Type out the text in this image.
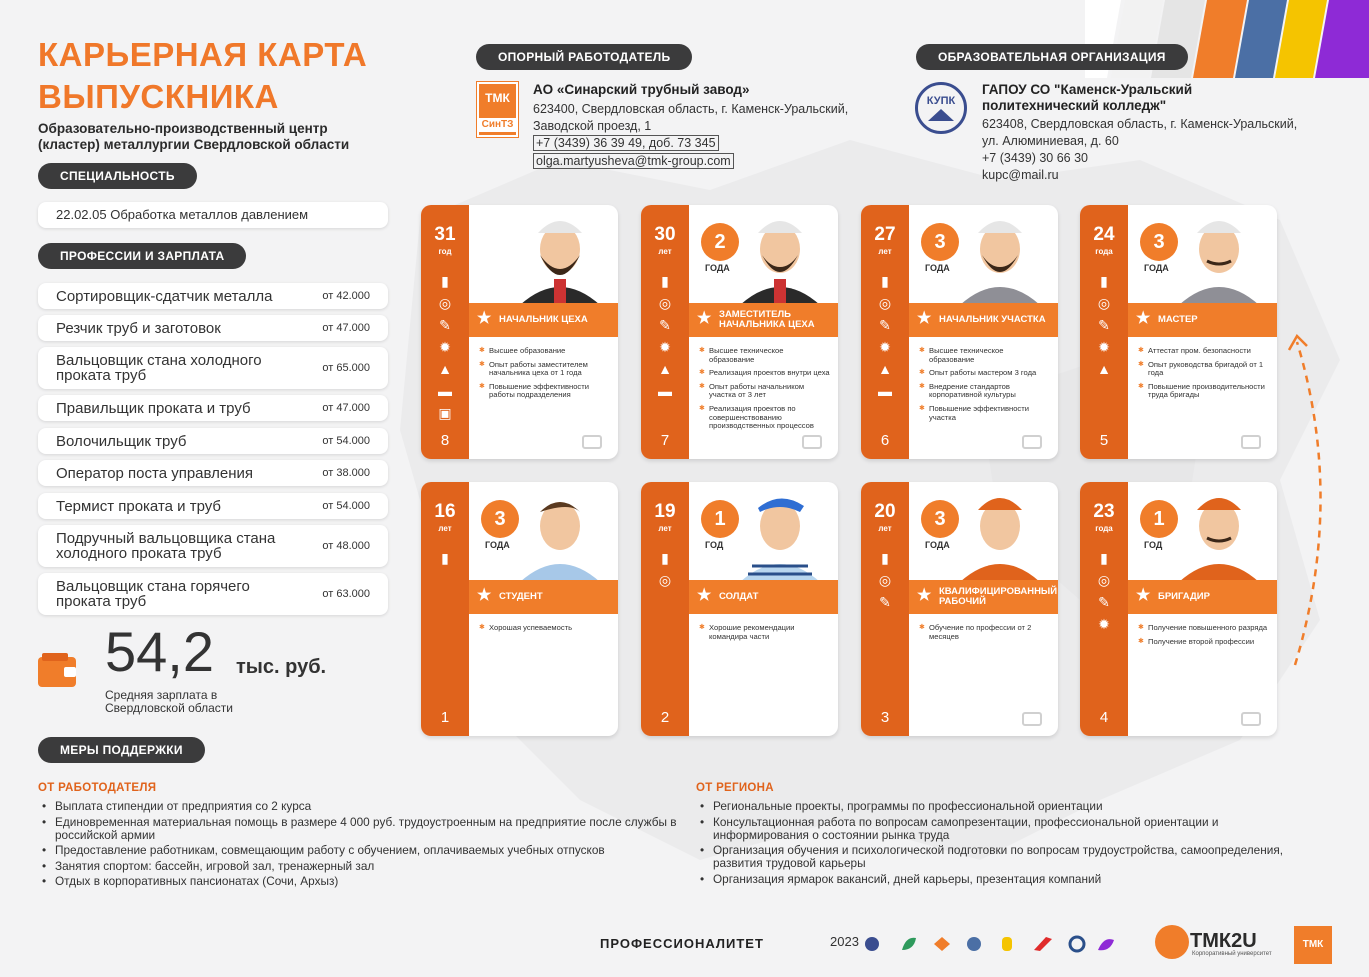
КАРЬЕРНАЯ КАРТА
ВЫПУСКНИКА
Образовательно-производственный центр
(кластер) металлургии Свердловской области
СПЕЦИАЛЬНОСТЬ
22.02.05 Обработка металлов давлением
ПРОФЕССИИ И ЗАРПЛАТА
Сортировщик-сдатчик металла	от 42.000
Резчик труб и заготовок	от 47.000
Вальцовщик стана холодного проката труб	от 65.000
Правильщик проката и труб	от 47.000
Волочильщик труб	от 54.000
Оператор поста управления	от 38.000
Термист проката и труб	от 54.000
Подручный вальцовщика стана холодного проката труб	от 48.000
Вальцовщик стана горячего проката труб	от 63.000
54,2 тыс. руб.
Средняя зарплата в
Свердловской области
ОПОРНЫЙ РАБОТОДАТЕЛЬ
ТМК
СинТЗ
АО «Синарский трубный завод»
623400, Свердловская область, г. Каменск-Уральский,
Заводской проезд, 1
+7 (3439) 36 39 49, доб. 73 345
olga.martyusheva@tmk-group.com
ОБРАЗОВАТЕЛЬНАЯ ОРГАНИЗАЦИЯ
КУПК
ГАПОУ СО "Каменск-Уральский
политехнический колледж"
623408, Свердловская область, г. Каменск-Уральский,
ул. Алюминиевая, д. 60
+7 (3439) 30 66 30
kupc@mail.ru
31
год
▮
◎
✎
✹
▲
▬
▣
8
★ НАЧАЛЬНИК ЦЕХА
✱ Высшее образование
✱ Опыт работы заместителем начальника цеха от 1 года
✱ Повышение эффективности работы подразделения
30
лет
▮
◎
✎
✹
▲
▬
7
2
ГОДА
★ ЗАМЕСТИТЕЛЬ НАЧАЛЬНИКА ЦЕХА
✱ Высшее техническое образование
✱ Реализация проектов внутри цеха
✱ Опыт работы начальником участка от 3 лет
✱ Реализация проектов по совершенствованию производственных процессов
27
лет
▮
◎
✎
✹
▲
▬
6
3
ГОДА
★ НАЧАЛЬНИК УЧАСТКА
✱ Высшее техническое образование
✱ Опыт работы мастером 3 года
✱ Внедрение стандартов корпоративной культуры
✱ Повышение эффективности участка
24
года
▮
◎
✎
✹
▲
5
3
ГОДА
★ МАСТЕР
✱ Аттестат пром. безопасности
✱ Опыт руководства бригадой от 1 года
✱ Повышение производительности труда бригады
16
лет
▮
1
3
ГОДА
★ СТУДЕНТ
✱ Хорошая успеваемость
19
лет
▮
◎
2
1
ГОД
★ СОЛДАТ
✱ Хорошие рекомендации командира части
20
лет
▮
◎
✎
3
3
ГОДА
★ КВАЛИФИЦИРОВАННЫЙ РАБОЧИЙ
✱ Обучение по профессии от 2 месяцев
23
года
▮
◎
✎
✹
4
1
ГОД
★ БРИГАДИР
✱ Получение повышенного разряда
✱ Получение второй профессии
МЕРЫ ПОДДЕРЖКИ
ОТ РАБОТОДАТЕЛЯ
• Выплата стипендии от предприятия со 2 курса
• Единовременная материальная помощь в размере 4 000 руб. трудоустроенным на предприятие после службы в российской армии
• Предоставление работникам, совмещающим работу с обучением, оплачиваемых учебных отпусков
• Занятия спортом: бассейн, игровой зал, тренажерный зал
• Отдых в корпоративных пансионатах (Сочи, Архыз)
ОТ РЕГИОНА
• Региональные проекты, программы по профессиональной ориентации
• Консультационная работа по вопросам самопрезентации, профессиональной ориентации и информирования о состоянии рынка труда
• Организация обучения и психологической подготовки по вопросам трудоустройства, самоопределения, развития трудовой карьеры
• Организация ярмарок вакансий, дней карьеры, презентация компаний
ПРОФЕССИОНАЛИТЕТ	2023	ТМК2U
Корпоративный университет
ТМК
